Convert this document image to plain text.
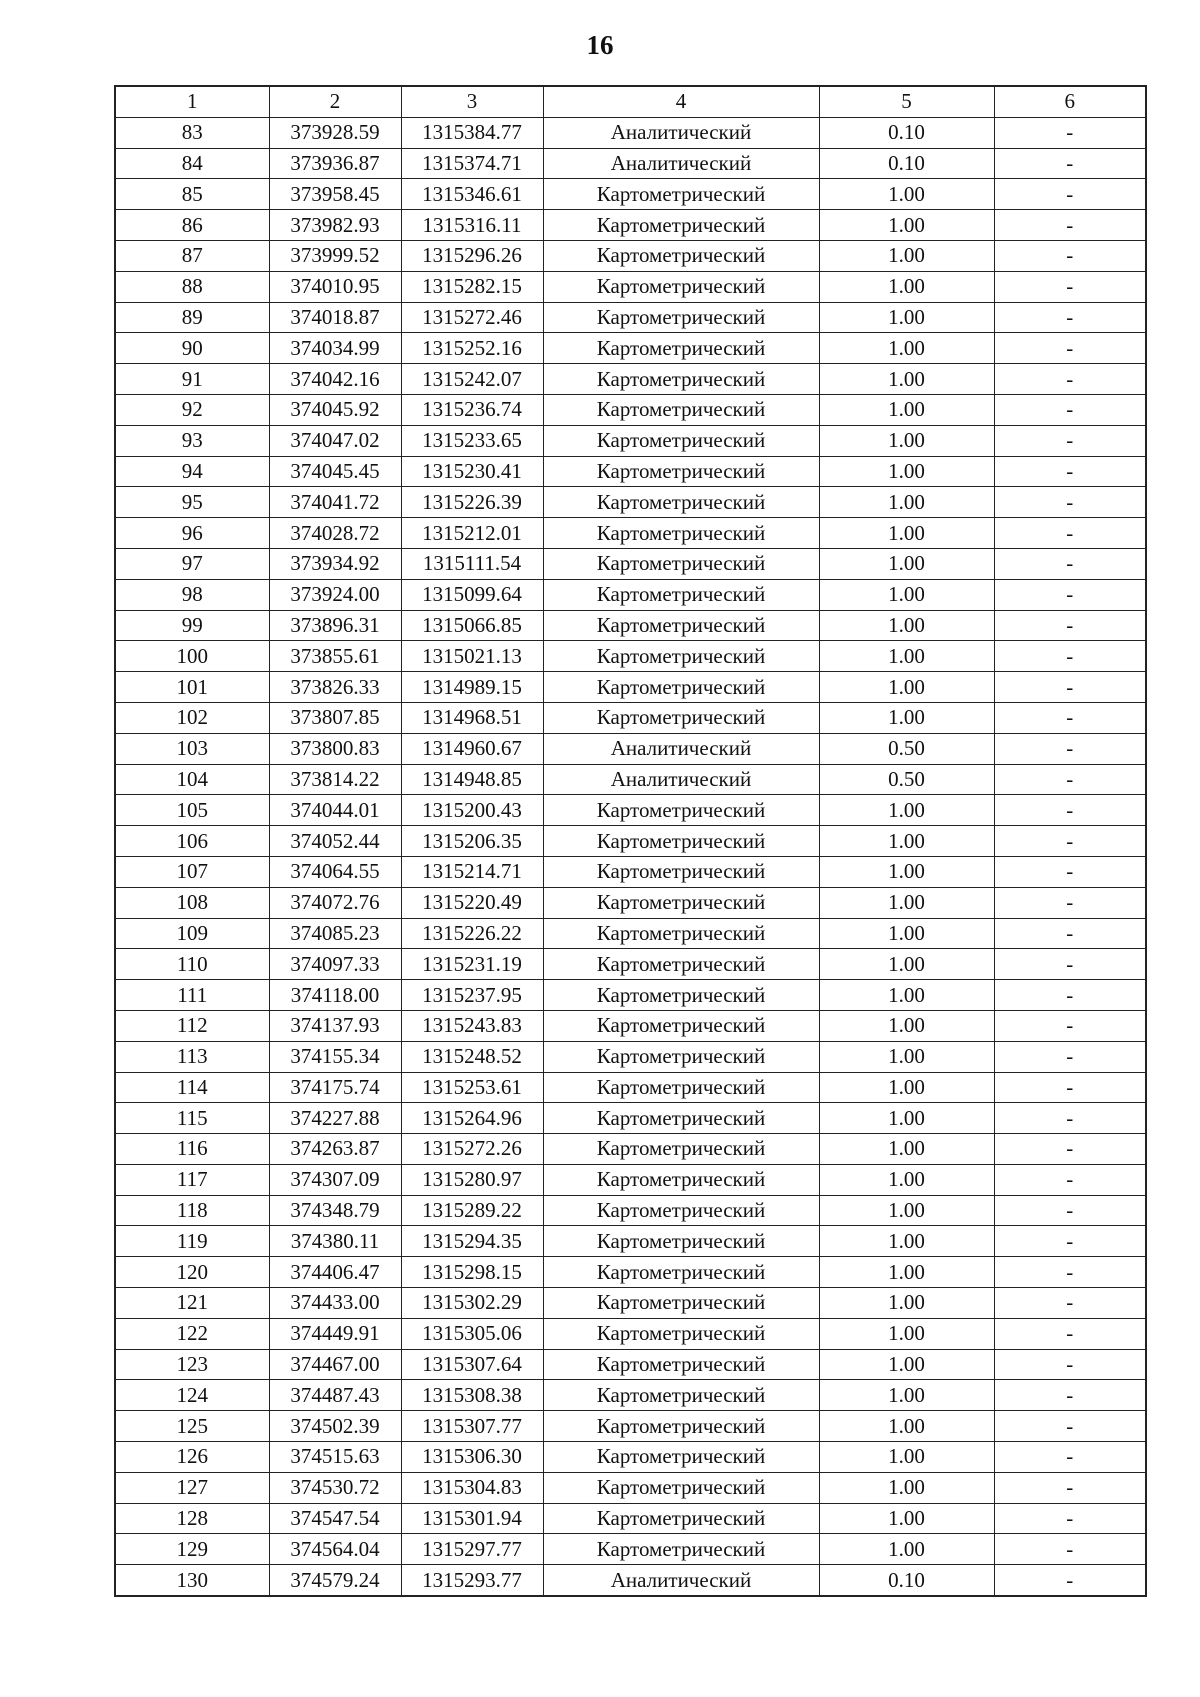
16
1	2	3	4	5	6
83	373928.59	1315384.77	Аналитический	0.10	-
84	373936.87	1315374.71	Аналитический	0.10	-
85	373958.45	1315346.61	Картометрический	1.00	-
86	373982.93	1315316.11	Картометрический	1.00	-
87	373999.52	1315296.26	Картометрический	1.00	-
88	374010.95	1315282.15	Картометрический	1.00	-
89	374018.87	1315272.46	Картометрический	1.00	-
90	374034.99	1315252.16	Картометрический	1.00	-
91	374042.16	1315242.07	Картометрический	1.00	-
92	374045.92	1315236.74	Картометрический	1.00	-
93	374047.02	1315233.65	Картометрический	1.00	-
94	374045.45	1315230.41	Картометрический	1.00	-
95	374041.72	1315226.39	Картометрический	1.00	-
96	374028.72	1315212.01	Картометрический	1.00	-
97	373934.92	1315111.54	Картометрический	1.00	-
98	373924.00	1315099.64	Картометрический	1.00	-
99	373896.31	1315066.85	Картометрический	1.00	-
100	373855.61	1315021.13	Картометрический	1.00	-
101	373826.33	1314989.15	Картометрический	1.00	-
102	373807.85	1314968.51	Картометрический	1.00	-
103	373800.83	1314960.67	Аналитический	0.50	-
104	373814.22	1314948.85	Аналитический	0.50	-
105	374044.01	1315200.43	Картометрический	1.00	-
106	374052.44	1315206.35	Картометрический	1.00	-
107	374064.55	1315214.71	Картометрический	1.00	-
108	374072.76	1315220.49	Картометрический	1.00	-
109	374085.23	1315226.22	Картометрический	1.00	-
110	374097.33	1315231.19	Картометрический	1.00	-
111	374118.00	1315237.95	Картометрический	1.00	-
112	374137.93	1315243.83	Картометрический	1.00	-
113	374155.34	1315248.52	Картометрический	1.00	-
114	374175.74	1315253.61	Картометрический	1.00	-
115	374227.88	1315264.96	Картометрический	1.00	-
116	374263.87	1315272.26	Картометрический	1.00	-
117	374307.09	1315280.97	Картометрический	1.00	-
118	374348.79	1315289.22	Картометрический	1.00	-
119	374380.11	1315294.35	Картометрический	1.00	-
120	374406.47	1315298.15	Картометрический	1.00	-
121	374433.00	1315302.29	Картометрический	1.00	-
122	374449.91	1315305.06	Картометрический	1.00	-
123	374467.00	1315307.64	Картометрический	1.00	-
124	374487.43	1315308.38	Картометрический	1.00	-
125	374502.39	1315307.77	Картометрический	1.00	-
126	374515.63	1315306.30	Картометрический	1.00	-
127	374530.72	1315304.83	Картометрический	1.00	-
128	374547.54	1315301.94	Картометрический	1.00	-
129	374564.04	1315297.77	Картометрический	1.00	-
130	374579.24	1315293.77	Аналитический	0.10	-
